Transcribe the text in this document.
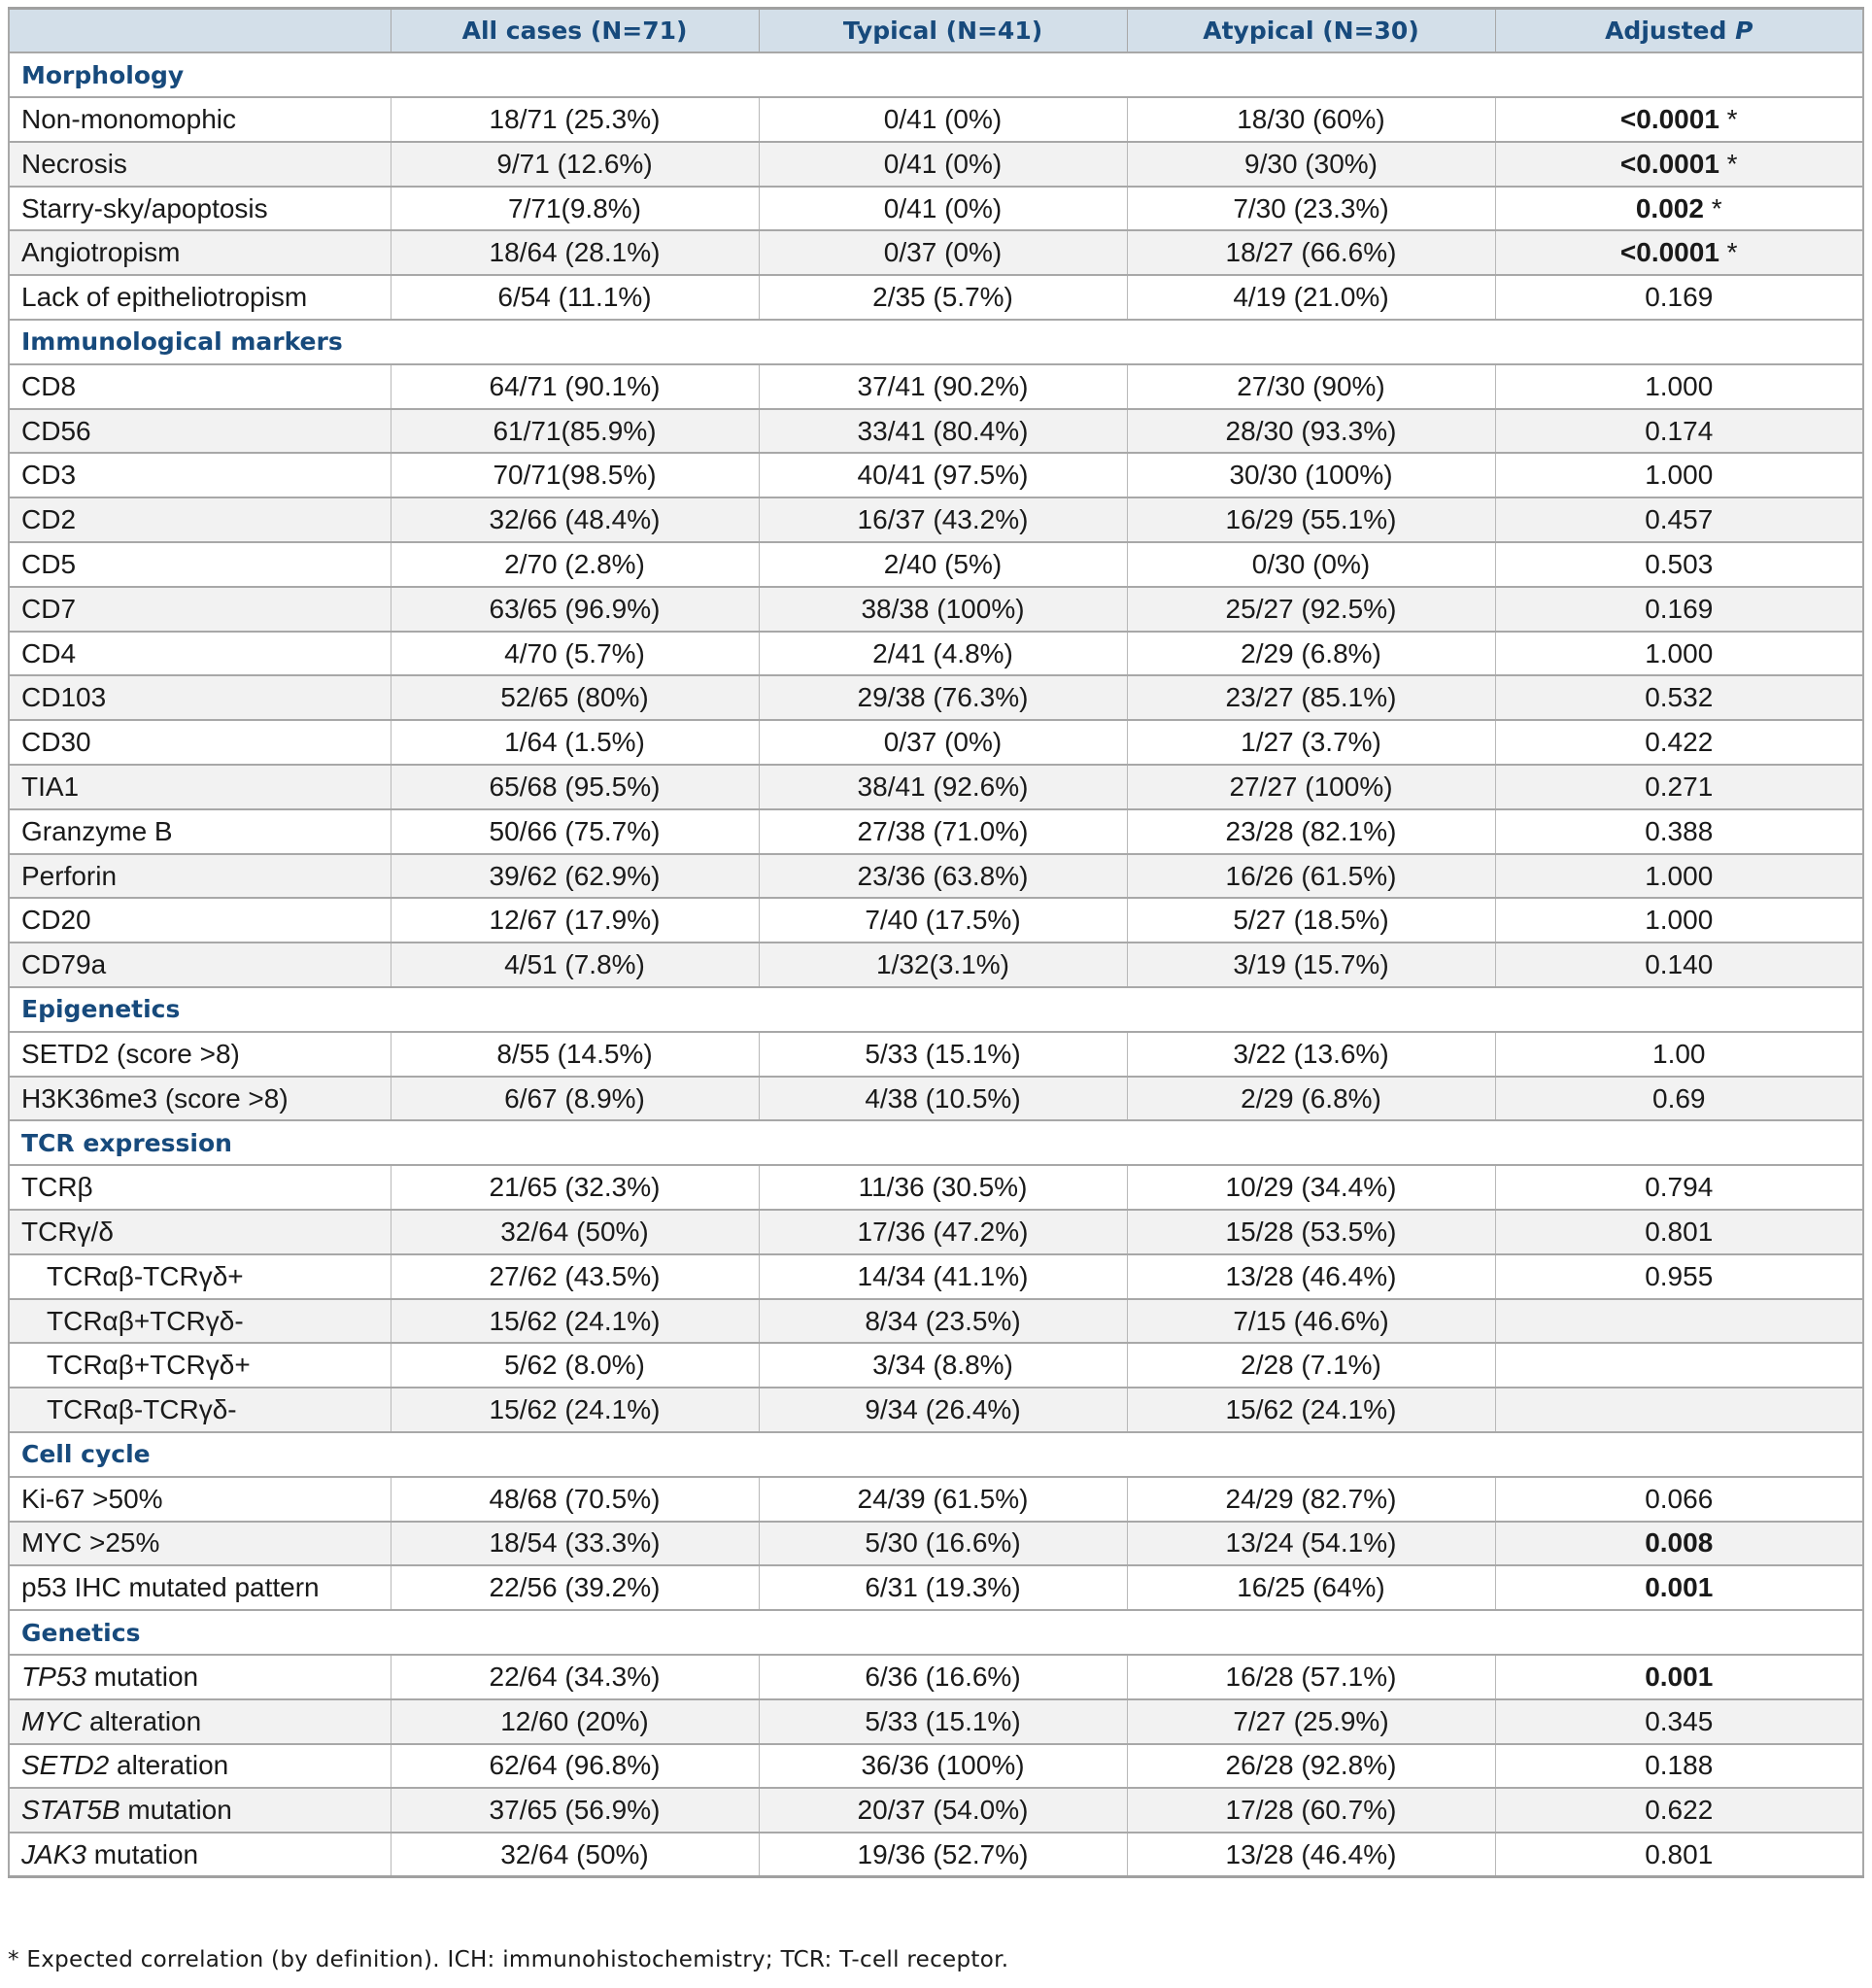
	All cases (N=71)	Typical (N=41)	Atypical (N=30)	Adjusted P
Morphology				
Non-monomophic	18/71 (25.3%)	0/41 (0%)	18/30 (60%)	<0.0001 *
Necrosis	9/71 (12.6%)	0/41 (0%)	9/30 (30%)	<0.0001 *
Starry-sky/apoptosis	7/71(9.8%)	0/41 (0%)	7/30 (23.3%)	0.002 *
Angiotropism	18/64 (28.1%)	0/37 (0%)	18/27 (66.6%)	<0.0001 *
Lack of epitheliotropism	6/54 (11.1%)	2/35 (5.7%)	4/19 (21.0%)	0.169
Immunological markers				
CD8	64/71 (90.1%)	37/41 (90.2%)	27/30 (90%)	1.000
CD56	61/71(85.9%)	33/41 (80.4%)	28/30 (93.3%)	0.174
CD3	70/71(98.5%)	40/41 (97.5%)	30/30 (100%)	1.000
CD2	32/66 (48.4%)	16/37 (43.2%)	16/29 (55.1%)	0.457
CD5	2/70 (2.8%)	2/40 (5%)	0/30 (0%)	0.503
CD7	63/65 (96.9%)	38/38 (100%)	25/27 (92.5%)	0.169
CD4	4/70 (5.7%)	2/41 (4.8%)	2/29 (6.8%)	1.000
CD103	52/65 (80%)	29/38 (76.3%)	23/27 (85.1%)	0.532
CD30	1/64 (1.5%)	0/37 (0%)	1/27 (3.7%)	0.422
TIA1	65/68 (95.5%)	38/41 (92.6%)	27/27 (100%)	0.271
Granzyme B	50/66 (75.7%)	27/38 (71.0%)	23/28 (82.1%)	0.388
Perforin	39/62 (62.9%)	23/36 (63.8%)	16/26 (61.5%)	1.000
CD20	12/67 (17.9%)	7/40 (17.5%)	5/27 (18.5%)	1.000
CD79a	4/51 (7.8%)	1/32(3.1%)	3/19 (15.7%)	0.140
Epigenetics				
SETD2 (score >8)	8/55 (14.5%)	5/33 (15.1%)	3/22 (13.6%)	1.00
H3K36me3 (score >8)	6/67 (8.9%)	4/38 (10.5%)	2/29 (6.8%)	0.69
TCR expression				
TCRβ	21/65 (32.3%)	11/36 (30.5%)	10/29 (34.4%)	0.794
TCRγ/δ	32/64 (50%)	17/36 (47.2%)	15/28 (53.5%)	0.801
TCRαβ-TCRγδ+	27/62 (43.5%)	14/34 (41.1%)	13/28 (46.4%)	0.955
TCRαβ+TCRγδ-	15/62 (24.1%)	8/34 (23.5%)	7/15 (46.6%)	
TCRαβ+TCRγδ+	5/62 (8.0%)	3/34 (8.8%)	2/28 (7.1%)	
TCRαβ-TCRγδ-	15/62 (24.1%)	9/34 (26.4%)	15/62 (24.1%)	
Cell cycle				
Ki-67 >50%	48/68 (70.5%)	24/39 (61.5%)	24/29 (82.7%)	0.066
MYC >25%	18/54 (33.3%)	5/30 (16.6%)	13/24 (54.1%)	0.008
p53 IHC mutated pattern	22/56 (39.2%)	6/31 (19.3%)	16/25 (64%)	0.001
Genetics				
TP53 mutation	22/64 (34.3%)	6/36 (16.6%)	16/28 (57.1%)	0.001
MYC alteration	12/60 (20%)	5/33 (15.1%)	7/27 (25.9%)	0.345
SETD2 alteration	62/64 (96.8%)	36/36 (100%)	26/28 (92.8%)	0.188
STAT5B mutation	37/65 (56.9%)	20/37 (54.0%)	17/28 (60.7%)	0.622
JAK3 mutation	32/64 (50%)	19/36 (52.7%)	13/28 (46.4%)	0.801
* Expected correlation (by definition). ICH: immunohistochemistry; TCR: T-cell receptor.
